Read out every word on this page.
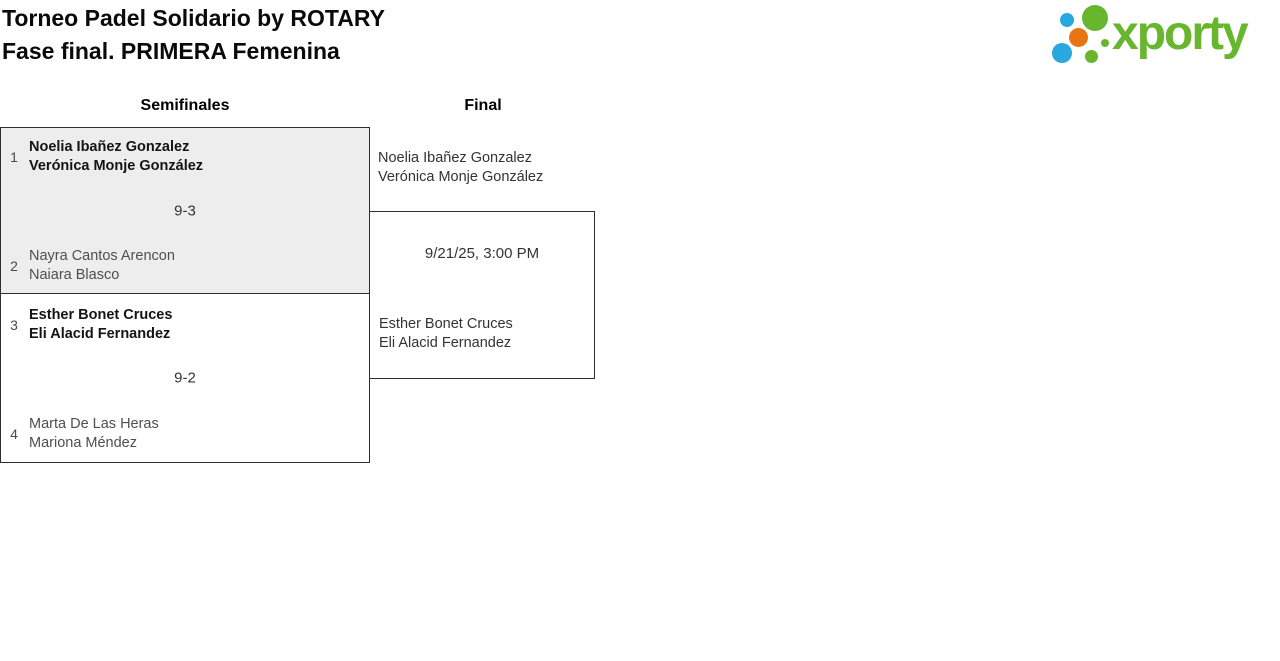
Torneo Padel Solidario by ROTARY
Fase final. PRIMERA Femenina	xporty
Semifinales	Final
1
Noelia Ibañez Gonzalez
Verónica Monje González
9-3
2
Nayra Cantos Arencon
Naiara Blasco
3
Esther Bonet Cruces
Eli Alacid Fernandez
9-2
4
Marta De Las Heras
Mariona Méndez
Noelia Ibañez Gonzalez
Verónica Monje González
9/21/25, 3:00 PM
Esther Bonet Cruces
Eli Alacid Fernandez
